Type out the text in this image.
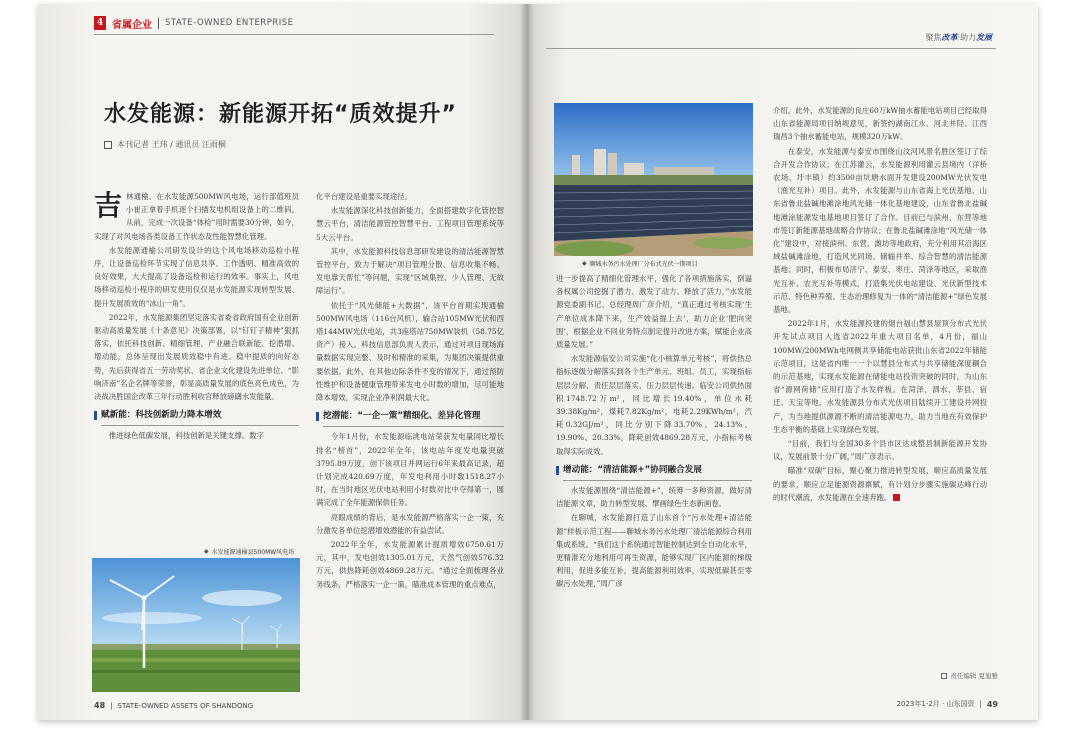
4 省属企业 STATE-OWNED ENTERPRISE
水发能源：新能源开拓“质效提升”
本刊记者 王玮 / 通讯员 汪雨桐

吉林通榆。在水发能源500MW风电场，运行部值班员小崔正拿着手机逐个扫描发电机组设备上的二维码，从前，完成一次设备“体检”用时需要30分钟，如今，实现了对风电场各类设备工作状态及性能智慧化管理。

水发能源通榆公司研发设计的这个风电场移动巡检小程序，让设备巡检环节实现了信息共享、工作透明、精准高效的良好效果，大大提高了设备巡检和运行的效率。事实上，风电场移动巡检小程序的研发使用仅仅是水发能源实现转型发展、提升发展质效的“冰山一角”。

2022年，水发能源集团坚定落实省委省政府国有企业创新驱动高质量发展《十条意见》决策部署，以“钉钉子精神”狠抓落实，依托科技创新、精细管理、产业融合联新能、挖潜增、增动能，总体呈现出发展质效稳中有进、稳中提质的向好态势，先后获得省五一劳动奖状、省企业文化建设先进单位、“影响济南”名企名牌等荣誉，彰显高质量发展的底色亮色成色，为决战决胜国企改革三年行动胜利收官释放磅礴水发能量。

赋新能：科技创新助力降本增效

推进绿色低碳发展，科技创新是关键支撑。数字

◆ 水发能源通榆县500MW风电场

化平台建设是重要实现途径。

水发能源深化科技创新能力，全面搭建数字化管控智慧云平台，清洁能源管控智慧平台、工程项目管理系统等5大云平台。

其中，水发能源科技信息部研发建设的清洁能源智慧管控平台，致力于解决“项目管理分散、信息收集不畅、发电靠天帮忙”等问题，实现“区域集控、少人管理、无故障运行”。

依托于“风光储能+大数据”，该平台首期实现通榆500MW风电场（116台风机），输合站105MW光伏和西塔144MW光伏电站，共3座塔站750MW装机（58.75亿资产）接入。科技信息部负责人表示，通过对项目现场海量数据实现完整、及时和精准的采集，为集团决策提供重要依据。此外，在其他边际条件不变的情况下，通过预防性维护和设备健康管理带来发电小时数的增加，尽可能地降本增效，实现企业净利润最大化。

挖潜能：“一企一策”精细化、差异化管理

今年1月份，水发能源临洮电站荣获发电量同比增长排名“榜首”，2022年全年，该电站年度发电量突破3795.89万度，创下该项目并网运行6年来最高记录，超计划完成420.69万度，年发电利用小时数1518.27小时，在当时地区光伏电站利用小时数对比中夺得第一，圆满完成了全年能源保供任务。

亮眼成绩的背后，是水发能源严格落实一企一策，充分激发各单位挖潜增效潜能的有益尝试。

2022年全年，水发能源累计提质增效6750.61万元，其中，发电创效1305.01万元，天然气创效576.32万元，供热降耗创效4869.28万元。“通过全面梳理各业务线条，严格落实一企一策，瞄准成本管理的重点难点，

48 | STATE-OWNED ASSETS OF SHANDONG
聚焦改革·助力发展
◆ 聊城水务污水处理厂分布式光伏一期项目

进一步提高了精细化管理水平，强化了各项措施落实，倒逼各权属公司挖掘了潜力、激发了动力、释放了活力，”水发能源党委副书记、总经理周广彦介绍，“真正通过考核实现‘生产单位成本降下来，生产效益提上去’，助力企业‘肥向突围’，根据企业不同业务特点制定提升改进方案，赋能企业高质量发展。”

水发能源临安公司实施“化小核算单元考核”，将供热总指标逐级分解落实到各个生产单元、班组、员工，实现指标层层分解、责任层层落实、压力层层传递。临安公司供热面积1748.72万m²，同比增长19.40%，单位水耗39.38Kg/m²，煤耗7.82Kg/m²，电耗2.29KWh/m²，汽耗0.32GJ/m²，同比分别下降33.70%、24.13%、19.90%、20.33%，降耗创效4869.28万元，小指标考核取得实际成效。

增动能：“清洁能源+”协同融合发展

水发能源围绕“清洁能源+”，统筹一多种资源，做好清洁能源文章，助力转型发展、擘画绿色生态新画卷。

在聊城，水发能源打造了山东首个“污水处理+清洁能源”样板示范工程——聊城水务污水处理厂清洁能源综合利用集成系统。“我们这个系统通过智能控制达到全自动化水平，更精准充分地利用可再生资源，能够实现厂区内能源的梯级利用，促进多能互补，提高能源利用效率，实现低碳甚至零碳污水处理，”周广彦

介绍。此外，水发能源的良庄60万kW抽水蓄能电站项目已经取得山东省能源局项目纳规意见，新签约湖南江永、河北井陉、江西瑞昌3个抽水蓄能电站，规模320万kW。

在泰安，水发能源与泰安市围绕山汶河风景名胜区签订了综合开发合作协议；在江苏灌云，水发能源利用灌云县境内（洋桥农场、圩丰镇）约3500亩坑塘水面开发建设200MW光伏发电（渔光互补）项目。此外，水发能源与山东省海上光伏基地、山东省鲁北盐碱地滩涂地风光储一体化基地建设，山东省鲁北盐碱地滩涂能源发电基地项目签订了合作。目前已与滨州、东营等地市签订新能源基地战略合作协议；在鲁北盐碱滩涂地“风光储一体化”建设中，对接滨州、东营、潍坊等地政府，充分利用其沿海区域盐碱滩涂地，打造风光同场、储输并举、综合智慧的清洁能源基地；同时，积极布局济宁、泰安、枣庄、菏泽等地区，采取渔光互补、农光互补等模式，打造集光伏电站建设、光伏新型技术示范、特色种养殖、生态治理修复为一体的“清洁能源+”绿色发展基地。

2022年1月，水发能源投建的烟台福山慧县屋顶分布式光伏开发试点项目入选省2022年重大项目名单，4月份，福山100MW/200MWh电网侧共享储能电站获批山东省2022年储能示范项目，这是省内唯一一个以慧县分布式与共享储能深度耦合的示范基地，实现水发能源在储能电站投资突破的同时，为山东省“源网荷储”应用打造了水发样板。在菏泽、泗水、莘县、宿迁、天宝等地，水发能源县分布式光伏项目陆续开工建设并网投产，为当地提供源源不断的清洁能源电力，助力当地在有效保护生态平衡的基础上实现绿色发展。

“目前，我们与全国30多个县市区达成整县制新能源开发协议，发展前景十分广阔，”周广彦表示。

瞄准“双碳”目标，聚心聚力推进转型发展，顺应高质量发展的要求，顺应立足能源资源禀赋，有计划分步骤实施碳达峰行动的时代潮流，水发能源在全速奔跑。

责任编辑 夏旭雅
2023年1-2月 · 山东国资 | 49
